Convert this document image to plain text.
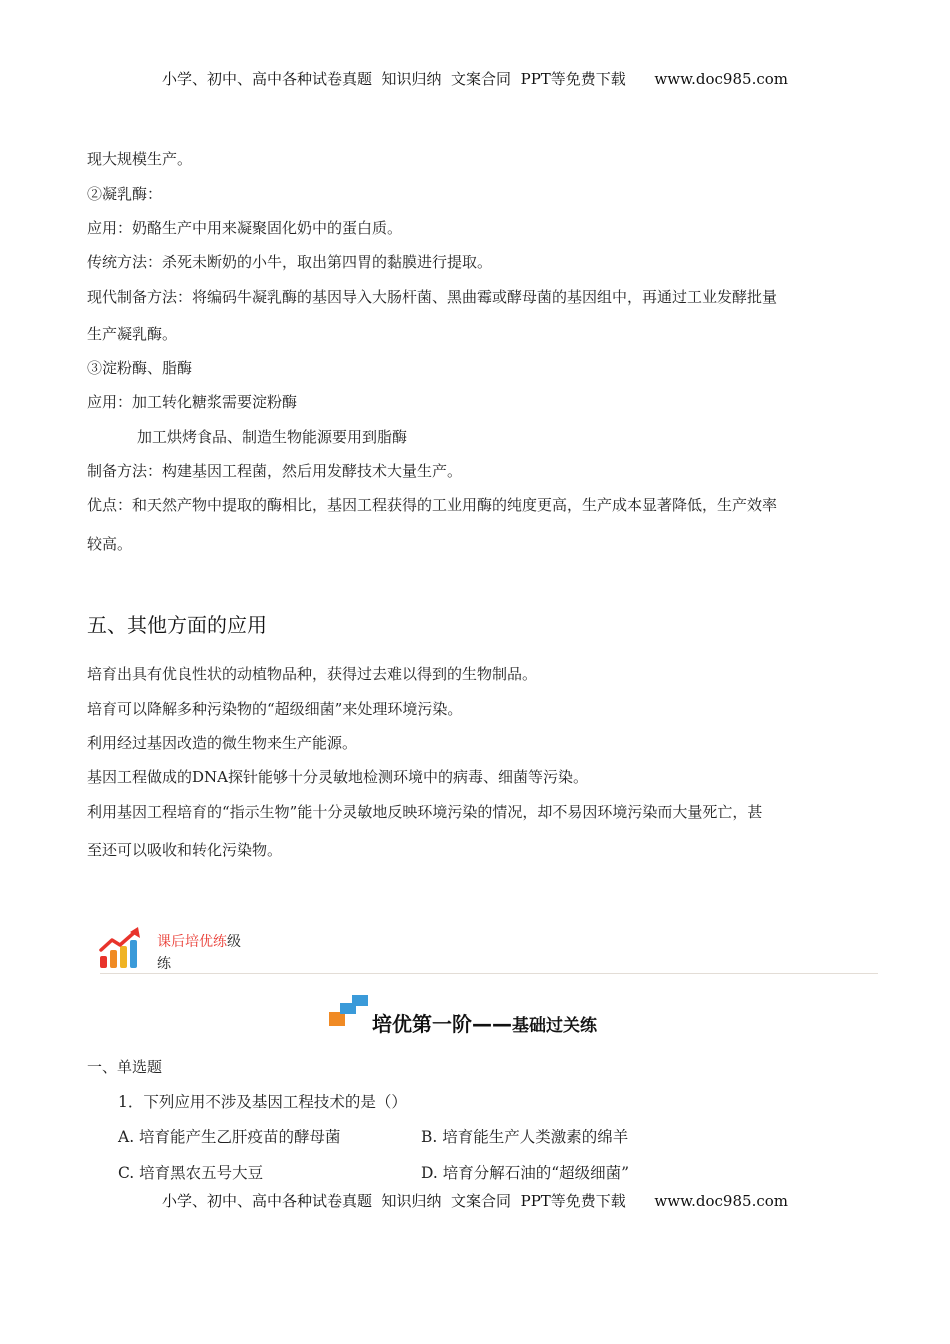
小学、初中、高中各种试卷真题  知识归纳  文案合同  PPT等免费下载      www.doc985.com
现大规模生产。
②凝乳酶：
应用：奶酪生产中用来凝聚固化奶中的蛋白质。
传统方法：杀死未断奶的小牛，取出第四胃的黏膜进行提取。
现代制备方法：将编码牛凝乳酶的基因导入大肠杆菌、黑曲霉或酵母菌的基因组中，再通过工业发酵批量
生产凝乳酶。
③淀粉酶、脂酶
应用：加工转化糖浆需要淀粉酶
加工烘烤食品、制造生物能源要用到脂酶
制备方法：构建基因工程菌，然后用发酵技术大量生产。
优点：和天然产物中提取的酶相比，基因工程获得的工业用酶的纯度更高，生产成本显著降低，生产效率
较高。
五、其他方面的应用
培育出具有优良性状的动植物品种，获得过去难以得到的生物制品。
培育可以降解多种污染物的“超级细菌”来处理环境污染。
利用经过基因改造的微生物来生产能源。
基因工程做成的DNA探针能够十分灵敏地检测环境中的病毒、细菌等污染。
利用基因工程培育的“指示生物”能十分灵敏地反映环境污染的情况，却不易因环境污染而大量死亡，甚
至还可以吸收和转化污染物。
课后培优练级
练
培优第一阶——基础过关练
一、单选题
1．下列应用不涉及基因工程技术的是（）
A. 培育能产生乙肝疫苗的酵母菌	B. 培育能生产人类激素的绵羊
C. 培育黑农五号大豆	D. 培育分解石油的“超级细菌”
小学、初中、高中各种试卷真题  知识归纳  文案合同  PPT等免费下载      www.doc985.com
